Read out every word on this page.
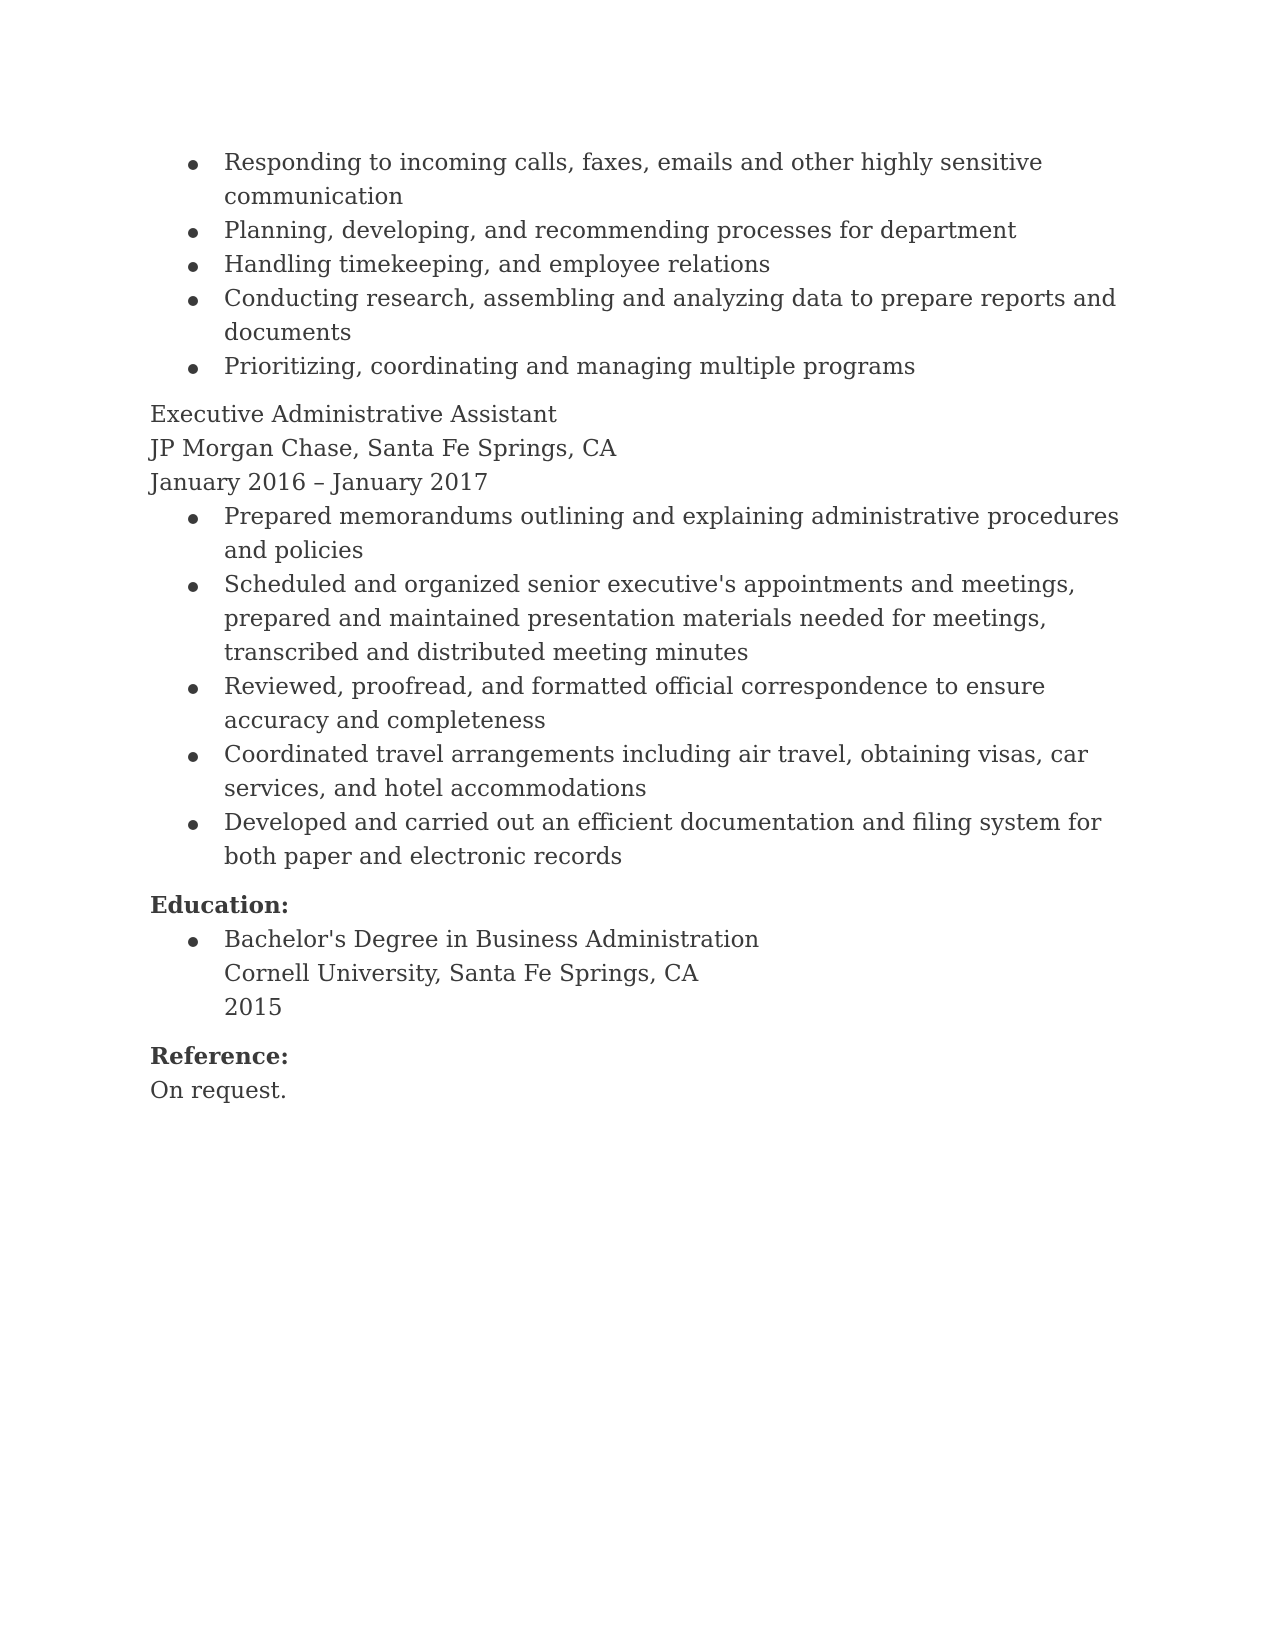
Responding to incoming calls, faxes, emails and other highly sensitive communication
Planning, developing, and recommending processes for department
Handling timekeeping, and employee relations
Conducting research, assembling and analyzing data to prepare reports and documents
Prioritizing, coordinating and managing multiple programs
Executive Administrative Assistant
JP Morgan Chase, Santa Fe Springs, CA
January 2016 – January 2017
Prepared memorandums outlining and explaining administrative procedures and policies
Scheduled and organized senior executive's appointments and meetings, prepared and maintained presentation materials needed for meetings, transcribed and distributed meeting minutes
Reviewed, proofread, and formatted official correspondence to ensure accuracy and completeness
Coordinated travel arrangements including air travel, obtaining visas, car services, and hotel accommodations
Developed and carried out an efficient documentation and filing system for both paper and electronic records
Education:
Bachelor's Degree in Business Administration
Cornell University, Santa Fe Springs, CA
2015
Reference:
On request.
